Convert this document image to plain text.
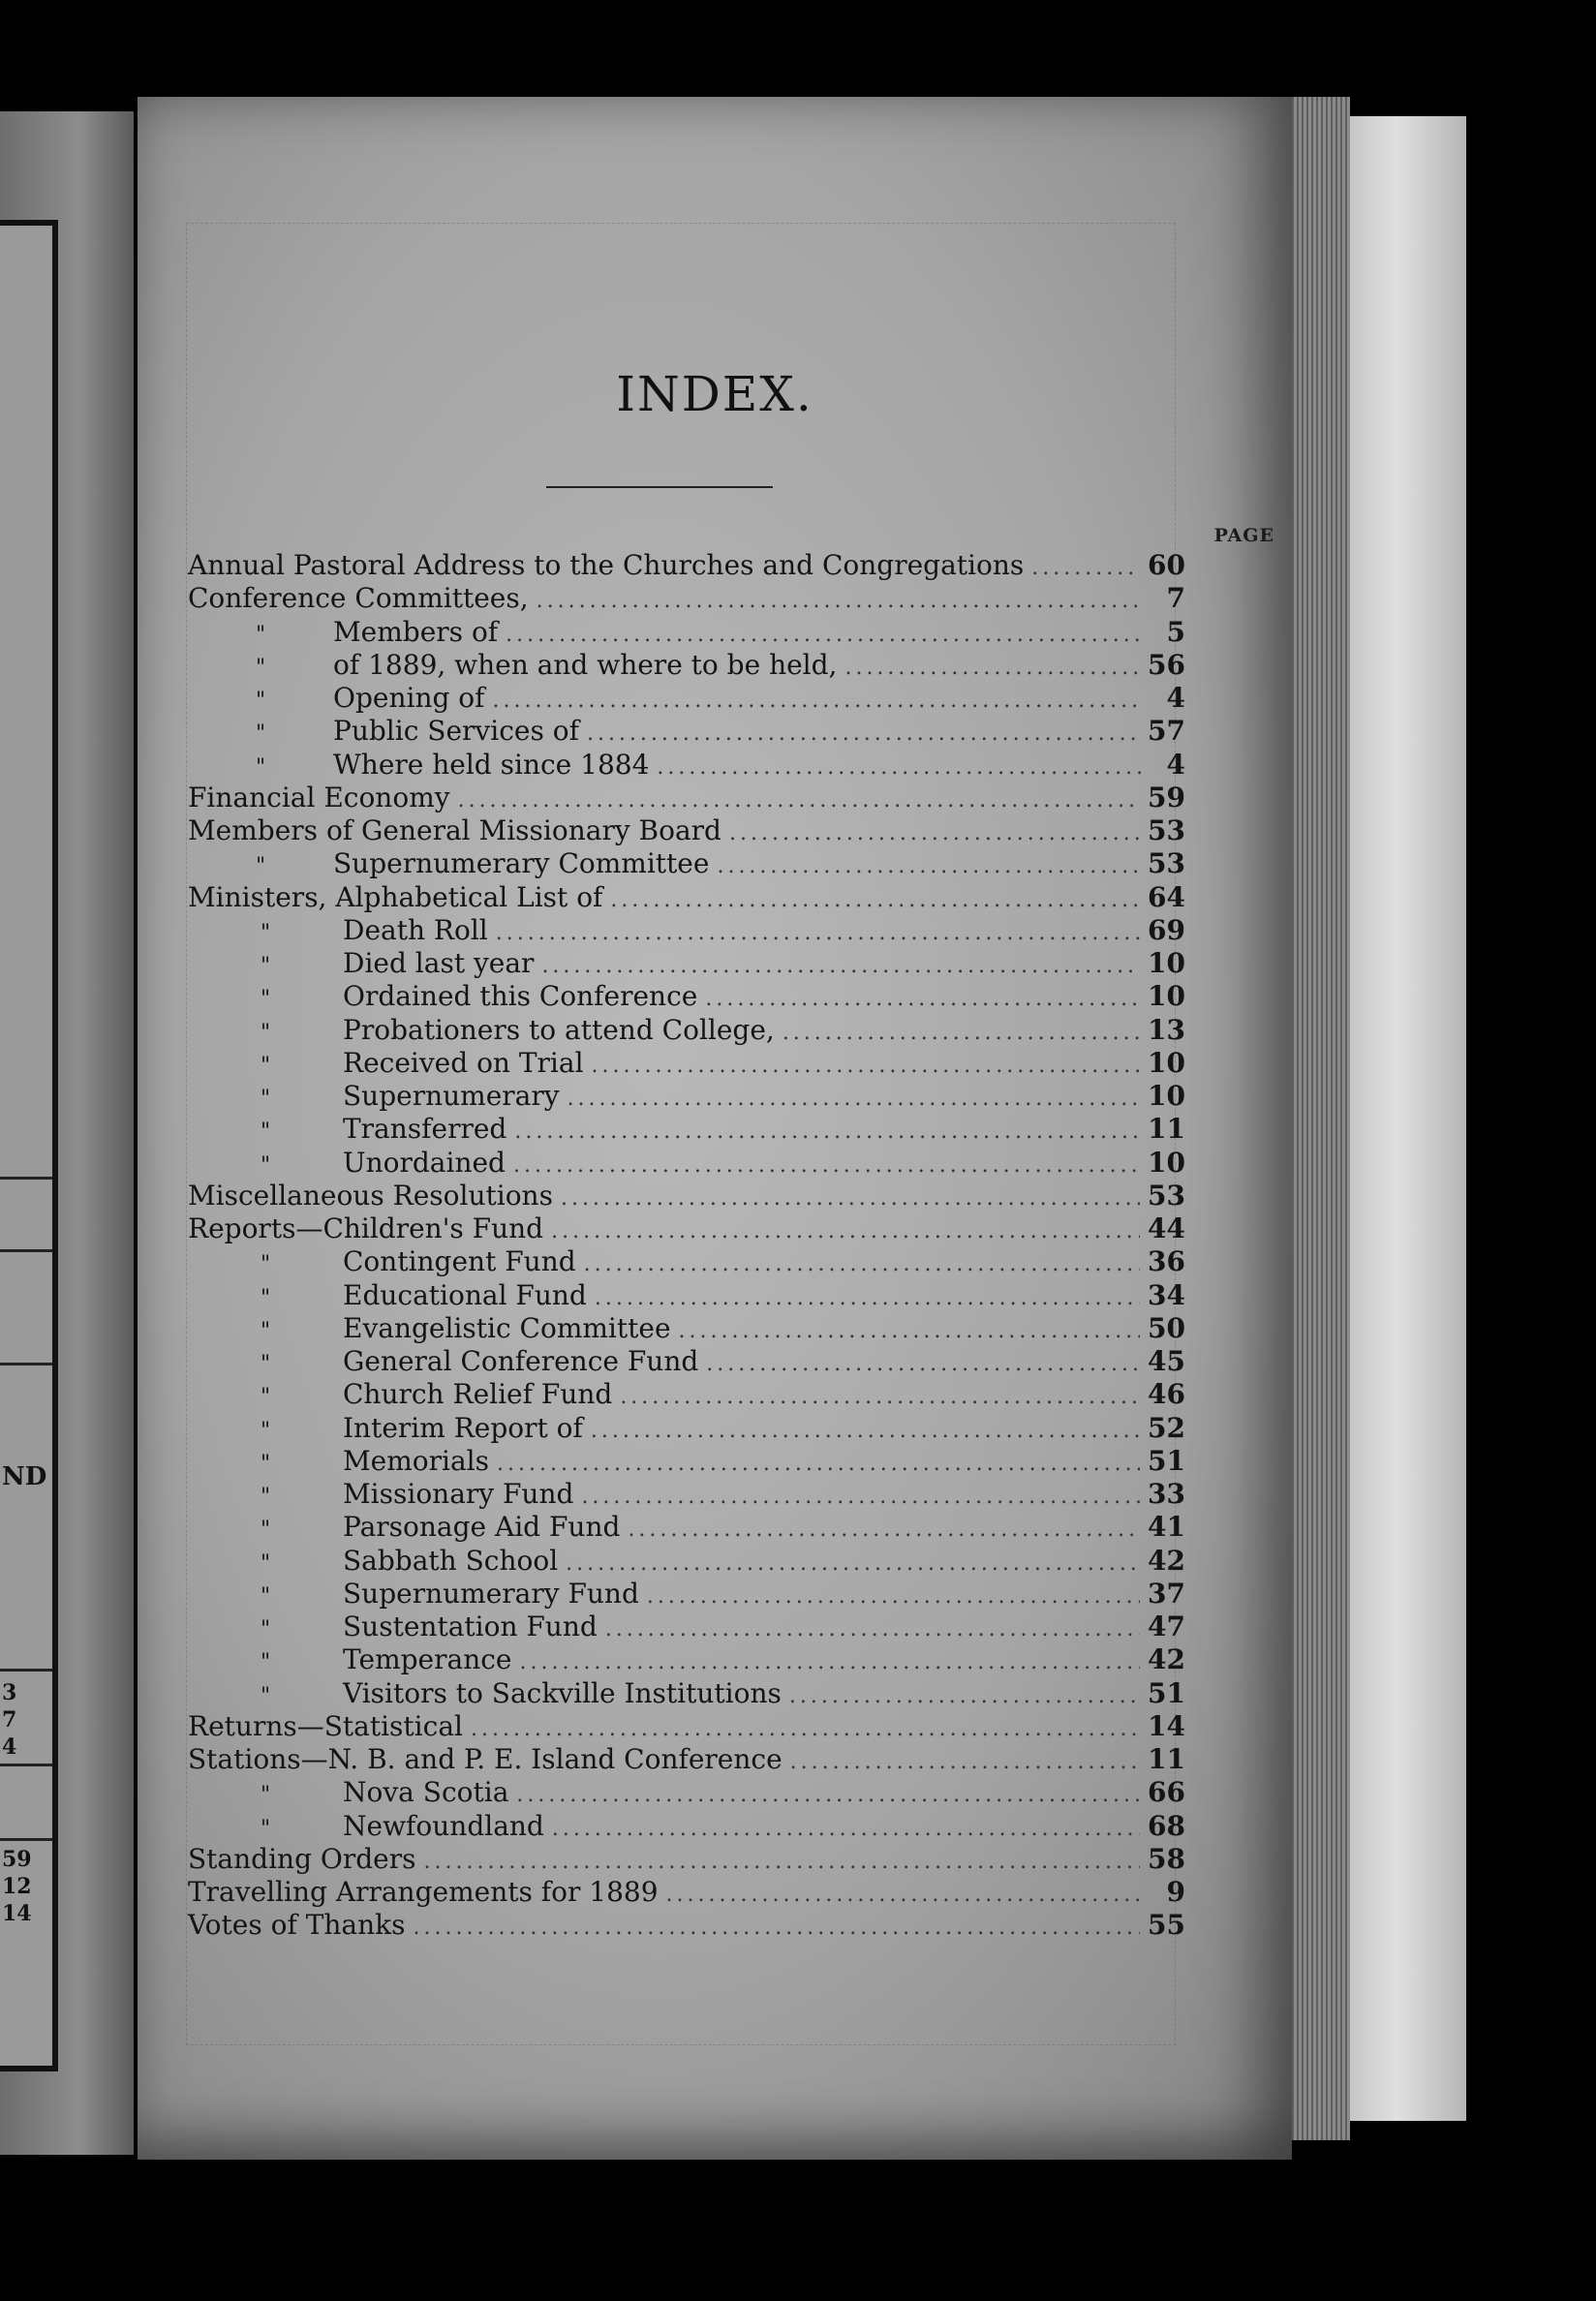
ND
3
7
4
59
12
14
INDEX.
PAGE
Annual Pastoral Address to the Churches and Congregations .....	60
Conference Committees, .....	7
"	Members of .....	5
"	of 1889, when and where to be held, .....	56
"	Opening of .....	4
"	Public Services of .....	57
"	Where held since 1884 .....	4
Financial Economy .....	59
Members of General Missionary Board .....	53
"	Supernumerary Committee .....	53
Ministers, Alphabetical List of .....	64
"	Death Roll .....	69
"	Died last year .....	10
"	Ordained this Conference .....	10
"	Probationers to attend College, .....	13
"	Received on Trial .....	10
"	Supernumerary .....	10
"	Transferred .....	11
"	Unordained .....	10
Miscellaneous Resolutions .....	53
Reports—Children's Fund .....	44
"	Contingent Fund .....	36
"	Educational Fund .....	34
"	Evangelistic Committee .....	50
"	General Conference Fund .....	45
"	Church Relief Fund .....	46
"	Interim Report of .....	52
"	Memorials .....	51
"	Missionary Fund .....	33
"	Parsonage Aid Fund .....	41
"	Sabbath School .....	42
"	Supernumerary Fund .....	37
"	Sustentation Fund .....	47
"	Temperance .....	42
"	Visitors to Sackville Institutions .....	51
Returns—Statistical .....	14
Stations—N. B. and P. E. Island Conference .....	11
"	Nova Scotia .....	66
"	Newfoundland .....	68
Standing Orders .....	58
Travelling Arrangements for 1889 .....	9
Votes of Thanks .....	55
